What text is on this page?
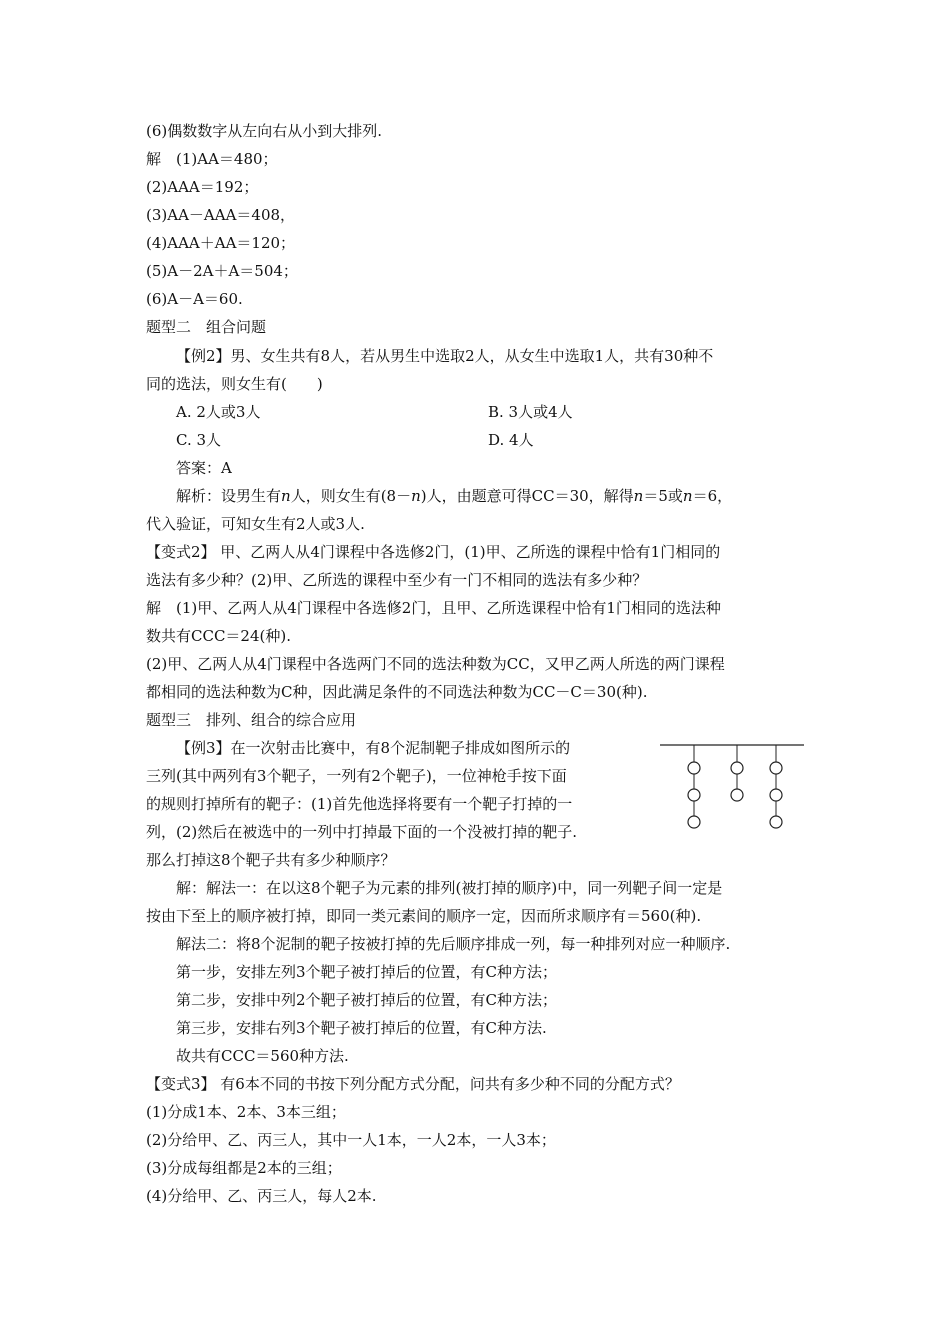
(6)偶数数字从左向右从小到大排列.
解　(1)AA＝480；
(2)AAA＝192；
(3)AA－AAA＝408，
(4)AAA＋AA＝120；
(5)A－2A＋A＝504；
(6)A－A＝60.
题型二　组合问题
【例2】男、女生共有8人，若从男生中选取2人，从女生中选取1人，共有30种不
同的选法，则女生有(　　)
A. 2人或3人	B. 3人或4人
C. 3人	D. 4人
答案：A
解析：设男生有n人，则女生有(8－n)人，由题意可得CC＝30，解得n＝5或n＝6，
代入验证，可知女生有2人或3人.
【变式2】 甲、乙两人从4门课程中各选修2门，(1)甲、乙所选的课程中恰有1门相同的
选法有多少种？(2)甲、乙所选的课程中至少有一门不相同的选法有多少种？
解　(1)甲、乙两人从4门课程中各选修2门，且甲、乙所选课程中恰有1门相同的选法种
数共有CCC＝24(种).
(2)甲、乙两人从4门课程中各选两门不同的选法种数为CC，又甲乙两人所选的两门课程
都相同的选法种数为C种，因此满足条件的不同选法种数为CC－C＝30(种).
题型三　排列、组合的综合应用
【例3】在一次射击比赛中，有8个泥制靶子排成如图所示的
三列(其中两列有3个靶子，一列有2个靶子)，一位神枪手按下面
的规则打掉所有的靶子：(1)首先他选择将要有一个靶子打掉的一
列，(2)然后在被选中的一列中打掉最下面的一个没被打掉的靶子.
那么打掉这8个靶子共有多少种顺序？
解：解法一：在以这8个靶子为元素的排列(被打掉的顺序)中，同一列靶子间一定是
按由下至上的顺序被打掉，即同一类元素间的顺序一定，因而所求顺序有＝560(种).
解法二：将8个泥制的靶子按被打掉的先后顺序排成一列，每一种排列对应一种顺序.
第一步，安排左列3个靶子被打掉后的位置，有C种方法；
第二步，安排中列2个靶子被打掉后的位置，有C种方法；
第三步，安排右列3个靶子被打掉后的位置，有C种方法.
故共有CCC＝560种方法.
【变式3】 有6本不同的书按下列分配方式分配，问共有多少种不同的分配方式？
(1)分成1本、2本、3本三组；
(2)分给甲、乙、丙三人，其中一人1本，一人2本，一人3本；
(3)分成每组都是2本的三组；
(4)分给甲、乙、丙三人，每人2本.
